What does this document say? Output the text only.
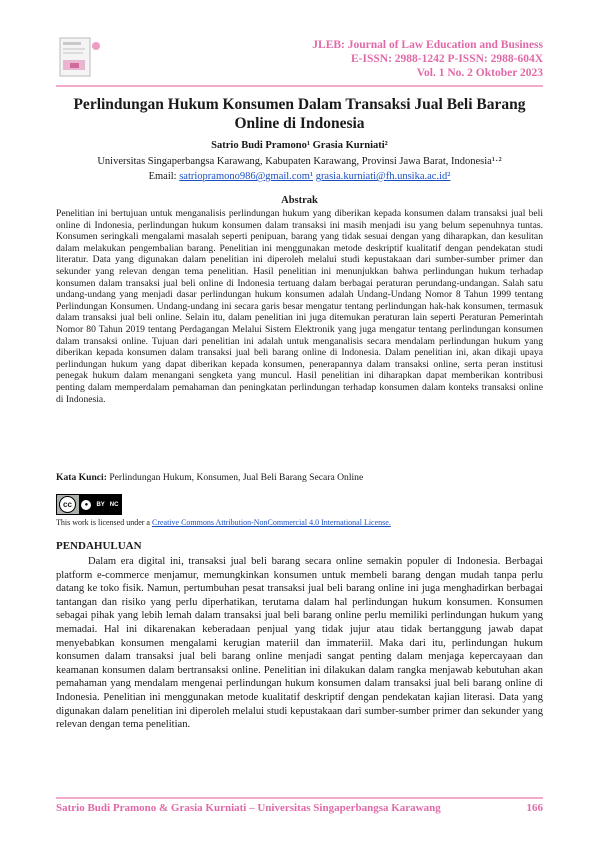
JLEB: Journal of Law Education and Business
E-ISSN: 2988-1242 P-ISSN: 2988-604X
Vol. 1 No. 2 Oktober 2023
Perlindungan Hukum Konsumen Dalam Transaksi Jual Beli Barang Online di Indonesia
Satrio Budi Pramono¹ Grasia Kurniati²
Universitas Singaperbangsa Karawang, Kabupaten Karawang, Provinsi Jawa Barat, Indonesia¹·²
Email: satriopramono986@gmail.com¹ grasia.kurniati@fh.unsika.ac.id²
Abstrak
Penelitian ini bertujuan untuk menganalisis perlindungan hukum yang diberikan kepada konsumen dalam transaksi jual beli online di Indonesia, perlindungan hukum konsumen dalam transaksi ini masih menjadi isu yang belum sepenuhnya tuntas. Konsumen seringkali mengalami masalah seperti penipuan, barang yang tidak sesuai dengan yang diharapkan, dan kesulitan dalam melakukan pengembalian barang. Penelitian ini menggunakan metode deskriptif kualitatif dengan pendekatan studi literatur. Data yang digunakan dalam penelitian ini diperoleh melalui studi kepustakaan dari sumber-sumber primer dan sekunder yang relevan dengan tema penelitian. Hasil penelitian ini menunjukkan bahwa perlindungan hukum terhadap konsumen dalam transaksi jual beli online di Indonesia tertuang dalam berbagai peraturan perundang-undangan. Salah satu undang-undang yang menjadi dasar perlindungan hukum konsumen adalah Undang-Undang Nomor 8 Tahun 1999 tentang Perlindungan Konsumen. Undang-undang ini secara garis besar mengatur tentang perlindungan hak-hak konsumen, termasuk dalam transaksi jual beli online. Selain itu, dalam penelitian ini juga ditemukan peraturan lain seperti Peraturan Pemerintah Nomor 80 Tahun 2019 tentang Perdagangan Melalui Sistem Elektronik yang juga mengatur tentang perlindungan konsumen dalam transaksi online. Tujuan dari penelitian ini adalah untuk menganalisis secara mendalam perlindungan hukum yang diberikan kepada konsumen dalam transaksi jual beli barang online di Indonesia. Dalam penelitian ini, akan dikaji upaya perlindungan hukum yang dapat diberikan kepada konsumen, penerapannya dalam transaksi online, serta peran institusi penegak hukum dalam menangani sengketa yang muncul. Hasil penelitian ini diharapkan dapat memberikan kontribusi penting dalam memperdalam pemahaman dan peningkatan perlindungan terhadap konsumen dalam konteks transaksi online di Indonesia.
Kata Kunci: Perlindungan Hukum, Konsumen, Jual Beli Barang Secara Online
cc	●	BY NC
This work is licensed under a Creative Commons Attribution-NonCommercial 4.0 International License.
PENDAHULUAN
Dalam era digital ini, transaksi jual beli barang secara online semakin populer di Indonesia. Berbagai platform e-commerce menjamur, memungkinkan konsumen untuk membeli barang dengan mudah tanpa perlu datang ke toko fisik. Namun, pertumbuhan pesat transaksi jual beli barang online ini juga menghadirkan berbagai tantangan dan risiko yang perlu diperhatikan, terutama dalam hal perlindungan hukum konsumen. Konsumen sebagai pihak yang lebih lemah dalam transaksi jual beli barang online perlu memiliki perlindungan hukum yang memadai. Hal ini dikarenakan keberadaan penjual yang tidak jujur atau tidak bertanggung jawab dapat menyebabkan konsumen mengalami kerugian materiil dan immateriil. Maka dari itu, perlindungan hukum konsumen dalam transaksi jual beli barang online menjadi sangat penting dalam menjaga kepercayaan dan keamanan konsumen dalam bertransaksi online. Penelitian ini dilakukan dalam rangka menjawab kebutuhan akan pemahaman yang mendalam mengenai perlindungan hukum konsumen dalam transaksi jual beli barang online di Indonesia. Penelitian ini menggunakan metode kualitatif deskriptif dengan pendekatan kajian literasi. Data yang digunakan dalam penelitian ini diperoleh melalui studi kepustakaan dari sumber-sumber primer dan sekunder yang relevan dengan tema penelitian.
Satrio Budi Pramono & Grasia Kurniati – Universitas Singaperbangsa Karawang	166
